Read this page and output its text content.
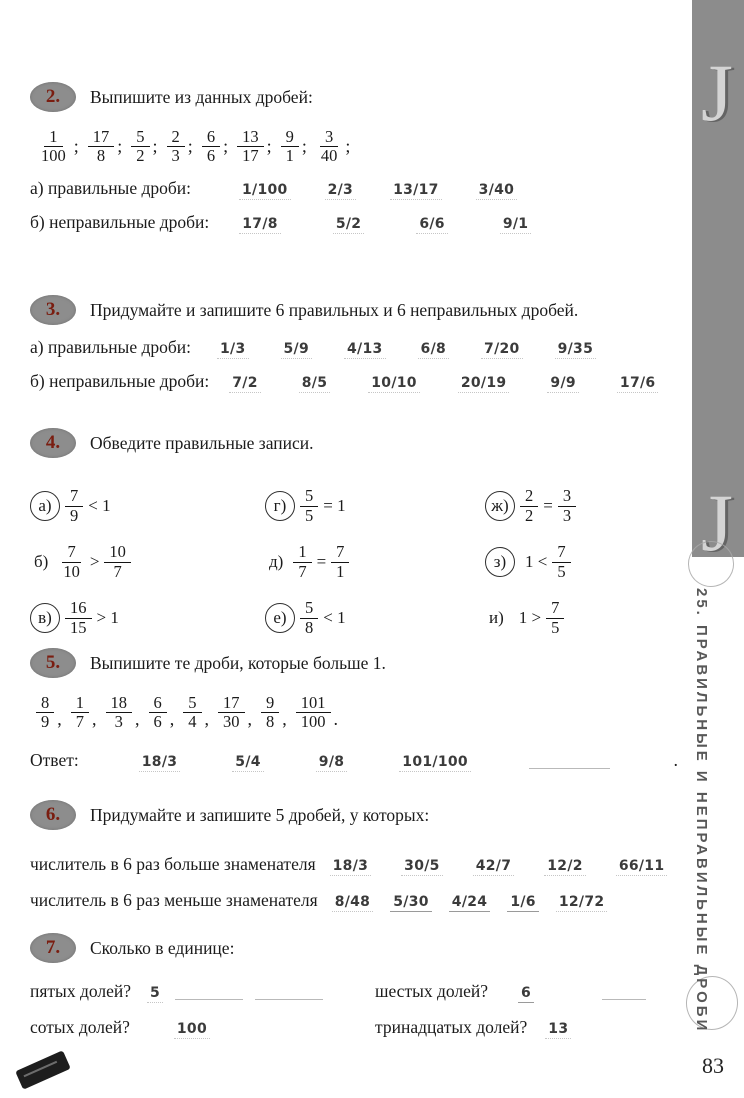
2.	Выпишите из данных дробей:
$\frac{1}{100}$ ; $\frac{17}{8}$ ; $\frac{5}{2}$ ; $\frac{2}{3}$ ; $\frac{6}{6}$ ; $\frac{13}{17}$ ; $\frac{9}{1}$ ; $\frac{3}{40}$ ;
а) правильные дроби:	1/100	2/3	13/17	3/40
б) неправильные дроби: 17/8	5/2	6/6	9/1
3.	Придумайте и запишите 6 правильных и 6 неправильных дробей.
а) правильные дроби: 1/3	5/9	4/13	6/8	7/20	9/35
б) неправильные дроби: 7/2	8/5	10/10	20/19	9/9	17/6
4.	Обведите правильные записи.
$а) \frac{7}{9} < 1$	$г) \frac{5}{5} = 1$	$ж) \frac{2}{2} = \frac{3}{3}$
$б) \frac{7}{10} > \frac{10}{7}$	$д) \frac{1}{7} = \frac{7}{1}$	з)	$1 < \frac{7}{5}$
$в) \frac{16}{15} > 1$	$е) \frac{5}{8} < 1$	и) $1 > \frac{7}{5}$
5.	Выпишите те дроби, которые больше 1.
$\frac{8}{9}$ , $\frac{1}{7}$ , $\frac{18}{3}$ , $\frac{6}{6}$ , $\frac{5}{4}$ , $\frac{17}{30}$ , $\frac{9}{8}$ , $\frac{101}{100}$ .
Ответ:	18/3	5/4	9/8	101/100	.
6.	Придумайте и запишите 5 дробей, у которых:
числитель в 6 раз больше знаменателя 18/3	30/5	42/7	12/2	66/11
числитель в 6 раз меньше знаменателя 8/48 5/30 4/24 1/6 12/72
7.	Сколько в единице:
пятых долей? 5	шестых долей? 6
сотых долей?	100	тринадцатых долей? 13
J
J
25. ПРАВИЛЬНЫЕ И НЕПРАВИЛЬНЫЕ ДРОБИ
83
